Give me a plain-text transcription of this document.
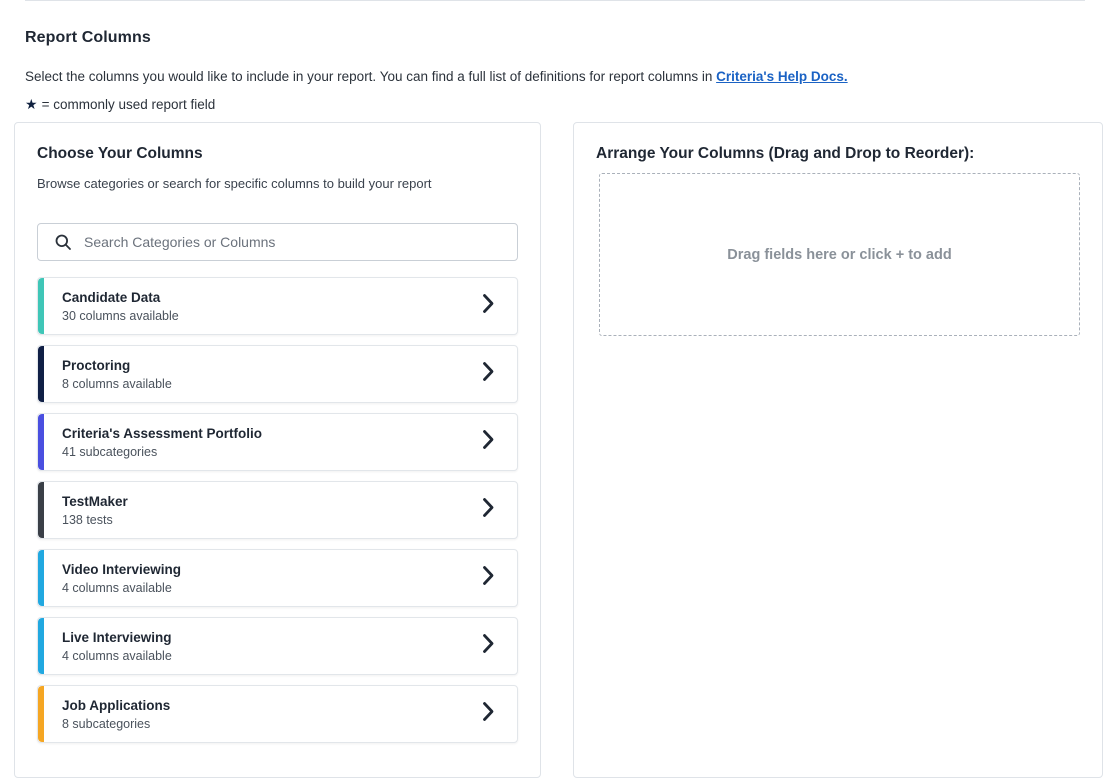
Report Columns
Select the columns you would like to include in your report. You can find a full list of definitions for report columns in Criteria's Help Docs.
★ = commonly used report field
Choose Your Columns
Browse categories or search for specific columns to build your report
Search Categories or Columns
Candidate Data
30 columns available
Proctoring
8 columns available
Criteria's Assessment Portfolio
41 subcategories
TestMaker
138 tests
Video Interviewing
4 columns available
Live Interviewing
4 columns available
Job Applications
8 subcategories
Arrange Your Columns (Drag and Drop to Reorder):
Drag fields here or click + to add
